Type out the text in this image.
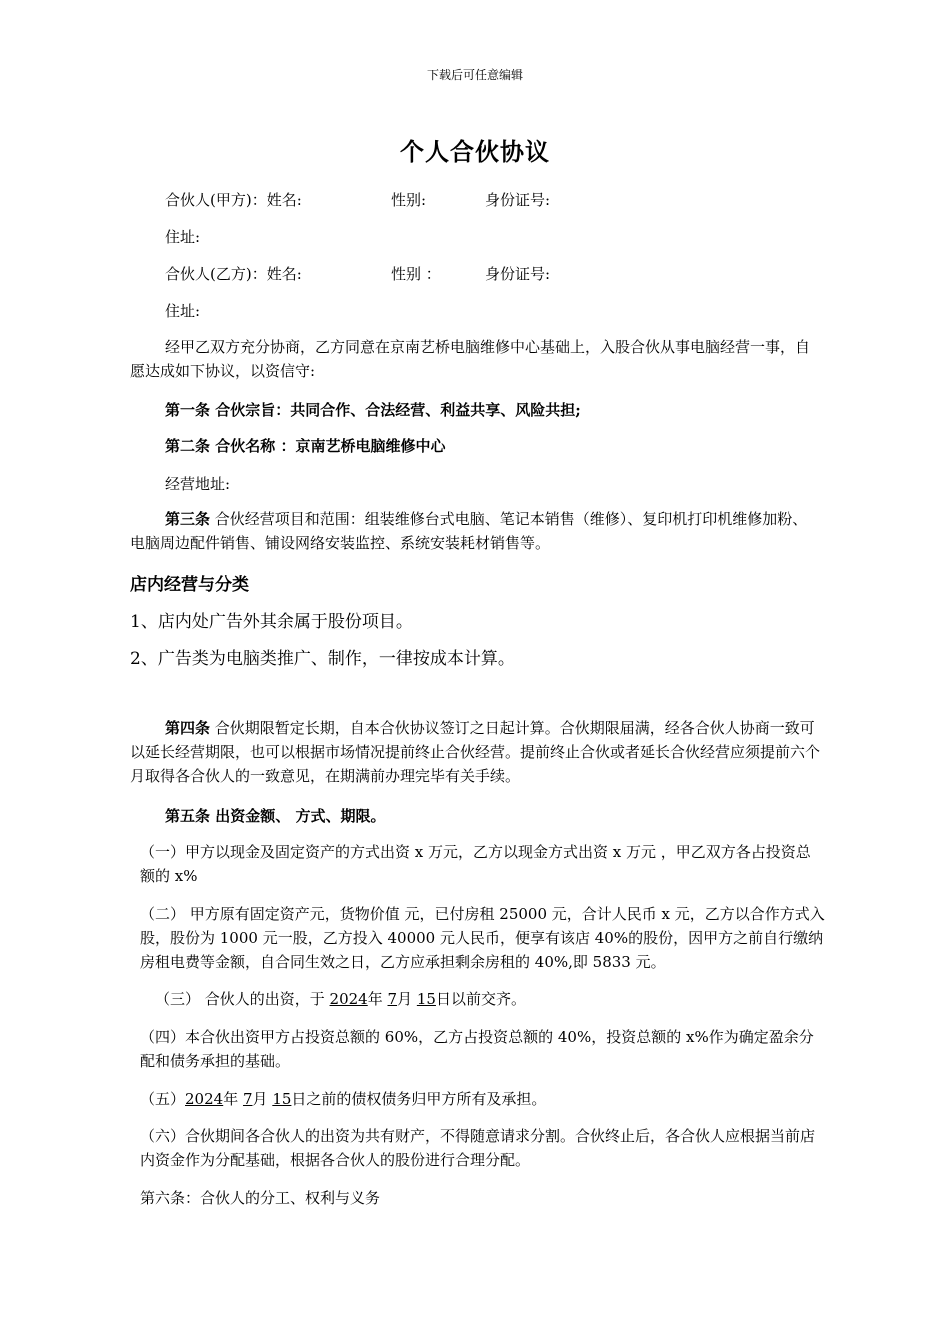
下载后可任意编辑
个人合伙协议
合伙人(甲方)：姓名:	性别:	身份证号:
住址:
合伙人(乙方)：姓名:	性别 ：	身份证号:
住址:
经甲乙双方充分协商，乙方同意在京南艺桥电脑维修中心基础上，入股合伙从事电脑经营一事，自愿达成如下协议，以资信守:
第一条 合伙宗旨：共同合作、合法经营、利益共享、风险共担;
第二条 合伙名称 ：京南艺桥电脑维修中心
经营地址:
第三条 合伙经营项目和范围：组装维修台式电脑、笔记本销售（维修）、复印机打印机维修加粉、电脑周边配件销售、铺设网络安装监控、系统安装耗材销售等。
店内经营与分类
1、店内处广告外其余属于股份项目。
2、广告类为电脑类推广、制作，一律按成本计算。
第四条 合伙期限暂定长期，自本合伙协议签订之日起计算。合伙期限届满，经各合伙人协商一致可以延长经营期限，也可以根据市场情况提前终止合伙经营。提前终止合伙或者延长合伙经营应须提前六个月取得各合伙人的一致意见，在期满前办理完毕有关手续。
第五条 出资金额、 方式、期限。
（一）甲方以现金及固定资产的方式出资 x 万元，乙方以现金方式出资 x 万元 ，甲乙双方各占投资总额的 x%
（二） 甲方原有固定资产元，货物价值 元，已付房租 25000 元，合计人民币 x 元，乙方以合作方式入股，股份为 1000 元一股，乙方投入 40000 元人民币，便享有该店 40%的股份，因甲方之前自行缴纳房租电费等金额，自合同生效之日，乙方应承担剩余房租的 40%,即 5833 元。
（三） 合伙人的出资，于 2024年 7月 15日以前交齐。
（四）本合伙出资甲方占投资总额的 60%，乙方占投资总额的 40%，投资总额的 x%作为确定盈余分配和债务承担的基础。
（五）2024年 7月 15日之前的债权债务归甲方所有及承担。
（六）合伙期间各合伙人的出资为共有财产，不得随意请求分割。合伙终止后，各合伙人应根据当前店内资金作为分配基础，根据各合伙人的股份进行合理分配。
第六条：合伙人的分工、权利与义务
